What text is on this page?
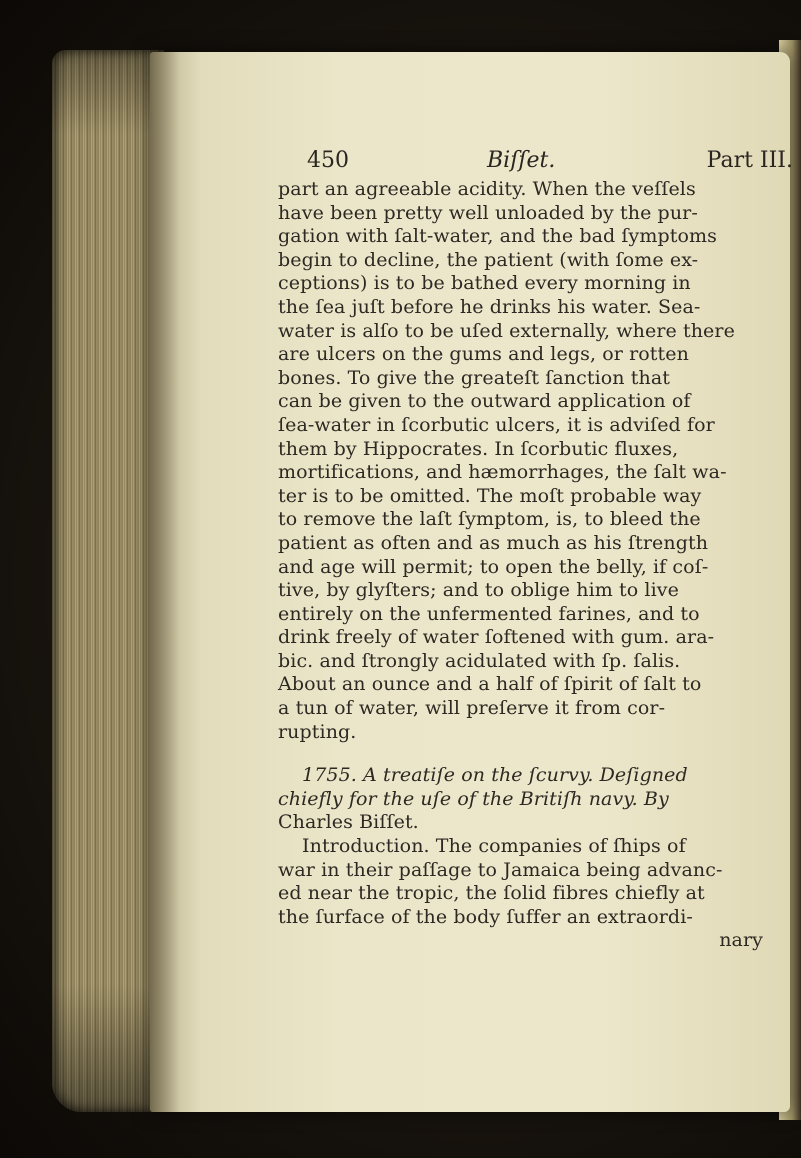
450	Biſſet.	Part III.
part an agreeable acidity. When the veſſels
have been pretty well unloaded by the pur-
gation with ſalt-water, and the bad ſymptoms
begin to decline, the patient (with ſome ex-
ceptions) is to be bathed every morning in
the ſea juſt before he drinks his water. Sea-
water is alſo to be uſed externally, where there
are ulcers on the gums and legs, or rotten
bones. To give the greateſt ſanction that
can be given to the outward application of
ſea-water in ſcorbutic ulcers, it is adviſed for
them by Hippocrates. In ſcorbutic fluxes,
mortifications, and hæmorrhages, the ſalt wa-
ter is to be omitted. The moſt probable way
to remove the laſt ſymptom, is, to bleed the
patient as often and as much as his ſtrength
and age will permit; to open the belly, if coſ-
tive, by glyſters; and to oblige him to live
entirely on the unfermented farines, and to
drink freely of water ſoftened with gum. ara-
bic. and ſtrongly acidulated with ſp. ſalis.
About an ounce and a half of ſpirit of ſalt to
a tun of water, will preſerve it from cor-
rupting.
1755. A treatiſe on the ſcurvy. Deſigned
chiefly for the uſe of the Britiſh navy. By
Charles Biſſet.
Introduction. The companies of ſhips of
war in their paſſage to Jamaica being advanc-
ed near the tropic, the ſolid fibres chiefly at
the ſurface of the body ſuffer an extraordi-
nary
